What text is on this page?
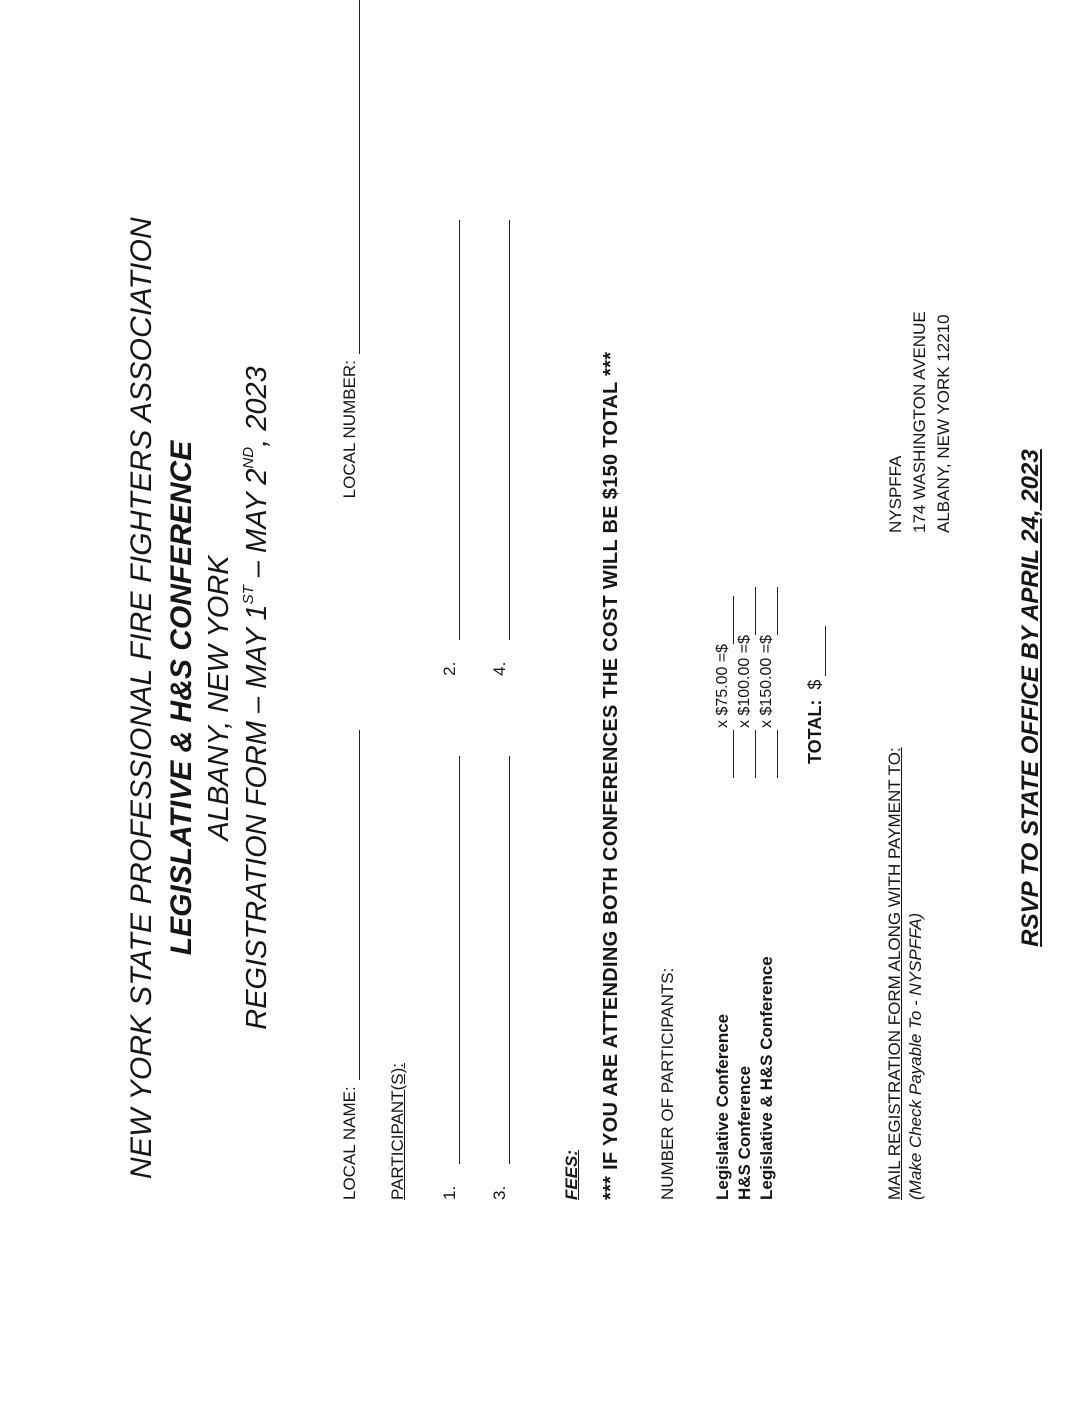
NEW YORK STATE PROFESSIONAL FIRE FIGHTERS ASSOCIATION LEGISLATIVE & H&S CONFERENCE ALBANY, NEW YORK REGISTRATION FORM – MAY 1ST – MAY 2ND, 2023
LOCAL NAME:LOCAL NUMBER:
PARTICIPANT(S): 1.2.
3.4.
FEES: *** IF YOU ARE ATTENDING BOTH CONFERENCES THE COST WILL BE $150 TOTAL *** NUMBER OF PARTICIPANTS: Legislative Conference H&S Conference Legislative & H&S Conference
x $75.00 =$ x $100.00 =$ x $150.00 =$
TOTAL:$
MAIL REGISTRATION FORM ALONG WITH PAYMENT TO: (Make Check Payable To - NYSPFFA)
NYSPFFA 174 WASHINGTON AVENUE ALBANY, NEW YORK 12210
RSVP TO STATE OFFICE BY APRIL 24, 2023
